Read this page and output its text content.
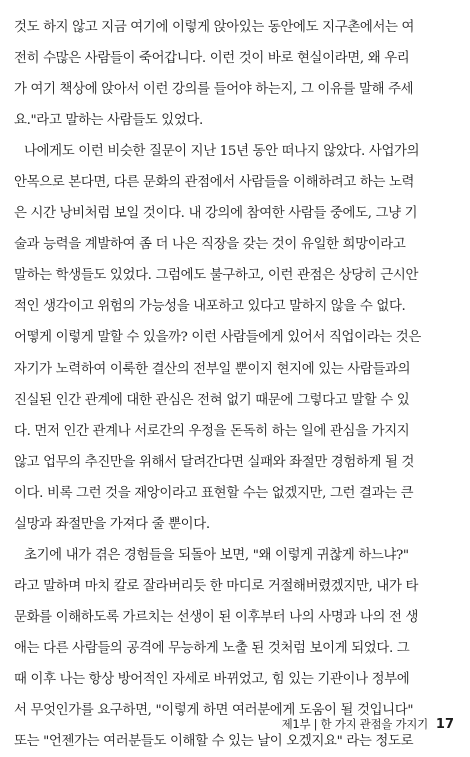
것도 하지 않고 지금 여기에 이렇게 앉아있는 동안에도 지구촌에서는 여
전히 수많은 사람들이 죽어갑니다. 이런 것이 바로 현실이라면, 왜 우리
가 여기 책상에 앉아서 이런 강의를 들어야 하는지, 그 이유를 말해 주세
요."라고 말하는 사람들도 있었다.
나에게도 이런 비슷한 질문이 지난 15년 동안 떠나지 않았다. 사업가의
안목으로 본다면, 다른 문화의 관점에서 사람들을 이해하려고 하는 노력
은 시간 낭비처럼 보일 것이다. 내 강의에 참여한 사람들 중에도, 그냥 기
술과 능력을 계발하여 좀 더 나은 직장을 갖는 것이 유일한 희망이라고
말하는 학생들도 있었다. 그럼에도 불구하고, 이런 관점은 상당히 근시안
적인 생각이고 위험의 가능성을 내포하고 있다고 말하지 않을 수 없다.
어떻게 이렇게 말할 수 있을까? 이런 사람들에게 있어서 직업이라는 것은
자기가 노력하여 이룩한 결산의 전부일 뿐이지 현지에 있는 사람들과의
진실된 인간 관계에 대한 관심은 전혀 없기 때문에 그렇다고 말할 수 있
다. 먼저 인간 관계나 서로간의 우정을 돈독히 하는 일에 관심을 가지지
않고 업무의 추진만을 위해서 달려간다면 실패와 좌절만 경험하게 될 것
이다. 비록 그런 것을 재앙이라고 표현할 수는 없겠지만, 그런 결과는 큰
실망과 좌절만을 가져다 줄 뿐이다.
초기에 내가 겪은 경험들을 되돌아 보면, "왜 이렇게 귀찮게 하느냐?"
라고 말하며 마치 칼로 잘라버리듯 한 마디로 거절해버렸겠지만, 내가 타
문화를 이해하도록 가르치는 선생이 된 이후부터 나의 사명과 나의 전 생
애는 다른 사람들의 공격에 무능하게 노출 된 것처럼 보이게 되었다. 그
때 이후 나는 항상 방어적인 자세로 바뀌었고, 힘 있는 기관이나 정부에
서 무엇인가를 요구하면, "이렇게 하면 여러분에게 도움이 될 것입니다"
또는 "언젠가는 여러분들도 이해할 수 있는 날이 오겠지요" 라는 정도로
제1부 | 한 가지 관점을 가지기 17
